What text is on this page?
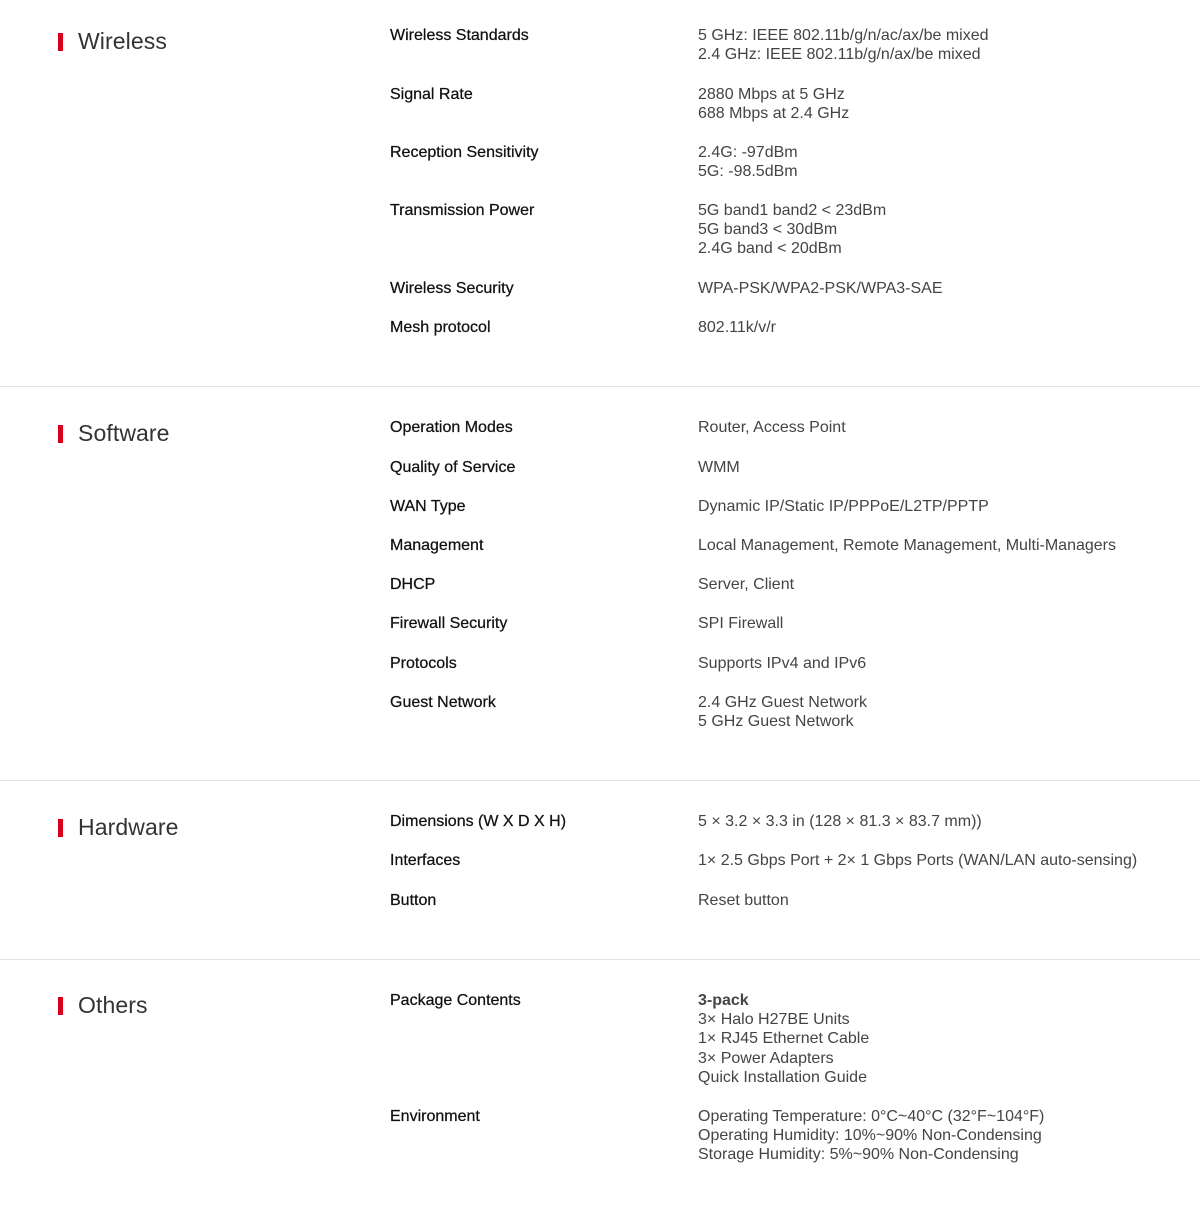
Wireless	Wireless Standards	5 GHz: IEEE 802.11b/g/n/ac/ax/be mixed
2.4 GHz: IEEE 802.11b/g/n/ax/be mixed
Signal Rate	2880 Mbps at 5 GHz
688 Mbps at 2.4 GHz
Reception Sensitivity	2.4G: -97dBm
5G: -98.5dBm
Transmission Power	5G band1 band2 < 23dBm
5G band3 < 30dBm
2.4G band < 20dBm
Wireless Security	WPA-PSK/WPA2-PSK/WPA3-SAE
Mesh protocol	802.11k/v/r
Software	Operation Modes	Router, Access Point
Quality of Service	WMM
WAN Type	Dynamic IP/Static IP/PPPoE/L2TP/PPTP
Management	Local Management, Remote Management, Multi-Managers
DHCP	Server, Client
Firewall Security	SPI Firewall
Protocols	Supports IPv4 and IPv6
Guest Network	2.4 GHz Guest Network
5 GHz Guest Network
Hardware	Dimensions (W X D X H)	5 × 3.2 × 3.3 in (128 × 81.3 × 83.7 mm))
Interfaces	1× 2.5 Gbps Port + 2× 1 Gbps Ports (WAN/LAN auto-sensing)
Button	Reset button
Others	Package Contents	3-pack
3× Halo H27BE Units
1× RJ45 Ethernet Cable
3× Power Adapters
Quick Installation Guide
Environment	Operating Temperature: 0°C~40°C (32°F~104°F)
Operating Humidity: 10%~90% Non-Condensing
Storage Humidity: 5%~90% Non-Condensing
